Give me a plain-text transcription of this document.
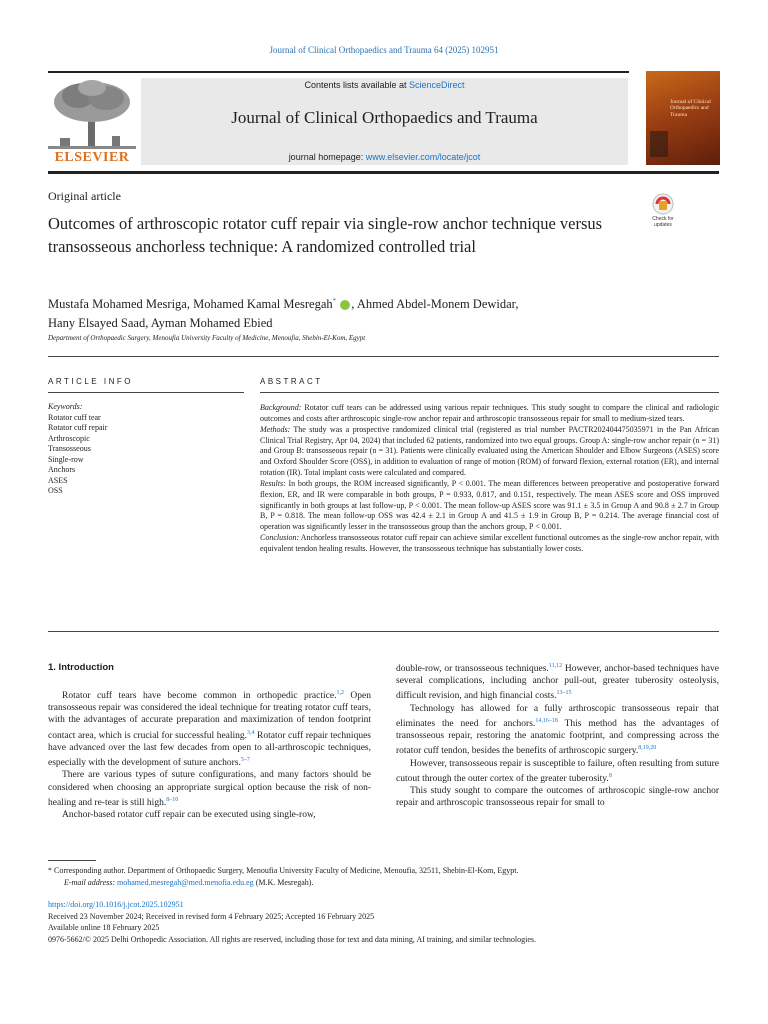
Journal of Clinical Orthopaedics and Trauma 64 (2025) 102951
ELSEVIER
Contents lists available at ScienceDirect
Journal of Clinical Orthopaedics and Trauma
journal homepage: www.elsevier.com/locate/jcot
Journal of Clinical Orthopaedics and Trauma
Original article
Check for
updates
Outcomes of arthroscopic rotator cuff repair via single-row anchor technique versus transosseous anchorless technique: A randomized controlled trial
Mustafa Mohamed Mesriga, Mohamed Kamal Mesregah* , Ahmed Abdel-Monem Dewidar,
Hany Elsayed Saad, Ayman Mohamed Ebied
Department of Orthopaedic Surgery, Menoufia University Faculty of Medicine, Menoufia, Shebin-El-Kom, Egypt
ARTICLE INFO	ABSTRACT
Keywords:
Rotator cuff tear
Rotator cuff repair
Arthroscopic
Transosseous
Single-row
Anchors
ASES
OSS

Background: Rotator cuff tears can be addressed using various repair techniques. This study sought to compare the clinical and radiologic outcomes and costs after arthroscopic single-row anchor repair and arthroscopic transosseous repair for small to medium-sized tears.

Methods: The study was a prospective randomized clinical trial (registered as trial number PACTR202404475035971 in the Pan African Clinical Trial Registry, Apr 04, 2024) that included 62 patients, randomized into two equal groups. Group A: single-row anchor repair (n = 31) and Group B: transosseous repair (n = 31). Patients were clinically evaluated using the American Shoulder and Elbow Surgeons (ASES) score and Oxford Shoulder Score (OSS), in addition to evaluation of range of motion (ROM) of forward flexion, external rotation (ER), and internal rotation (IR). Total implant costs were calculated and compared.

Results: In both groups, the ROM increased significantly, P < 0.001. The mean differences between preoperative and postoperative forward flexion, ER, and IR were comparable in both groups, P = 0.933, 0.817, and 0.151, respectively. The mean ASES score and OSS improved significantly in both groups at last follow-up, P < 0.001. The mean follow-up ASES score was 91.1 ± 3.5 in Group A and 90.8 ± 2.7 in Group B, P = 0.818. The mean follow-up OSS was 42.4 ± 2.1 in Group A and 41.5 ± 1.9 in Group B, P = 0.214. The average financial cost of operation was significantly lesser in the transosseous group than the anchors group, P < 0.001.

Conclusion: Anchorless transosseous rotator cuff repair can achieve similar excellent functional outcomes as the single-row anchor repair, with equivalent tendon healing results. However, the transosseous technique has substantially lower costs.

1. Introduction

Rotator cuff tears have become common in orthopedic practice.$^{1,2}$ Open transosseous repair was considered the ideal technique for treating rotator cuff tears, with the advantages of accurate preparation and maximization of tendon footprint contact area, which is crucial for successful healing.$^{3,4}$ Rotator cuff repair techniques have advanced over the last few decades from open to all-arthroscopic techniques, especially with the development of suture anchors.$^{5-7}$

There are various types of suture configurations, and many factors should be considered when choosing an appropriate surgical option because the risk of non-healing and re-tear is still high.$^{8-10}$

Anchor-based rotator cuff repair can be executed using single-row,

double-row, or transosseous techniques.$^{11,12}$ However, anchor-based techniques have several complications, including anchor pull-out, greater tuberosity osteolysis, difficult revision, and high financial costs.$^{13-15}$

Technology has allowed for a fully arthroscopic transosseous repair that eliminates the need for anchors.$^{14,16-18}$ This method has the advantages of transosseous repair, restoring the anatomic footprint, and compressing across the rotator cuff tendon, besides the benefits of arthroscopic surgery.$^{8,19,20}$

However, transosseous repair is susceptible to failure, often resulting from suture cutout through the outer cortex of the greater tuberosity.$^8$

This study sought to compare the outcomes of arthroscopic single-row anchor repair and arthroscopic transosseous repair for small to

* Corresponding author. Department of Orthopaedic Surgery, Menoufia University Faculty of Medicine, Menoufia, 32511, Shebin-El-Kom, Egypt.
E-mail address: mohamed.mesregah@med.menofia.edu.eg (M.K. Mesregah).
https://doi.org/10.1016/j.jcot.2025.102951
Received 23 November 2024; Received in revised form 4 February 2025; Accepted 16 February 2025
Available online 18 February 2025
0976-5662/© 2025 Delhi Orthopedic Association. All rights are reserved, including those for text and data mining, AI training, and similar technologies.
